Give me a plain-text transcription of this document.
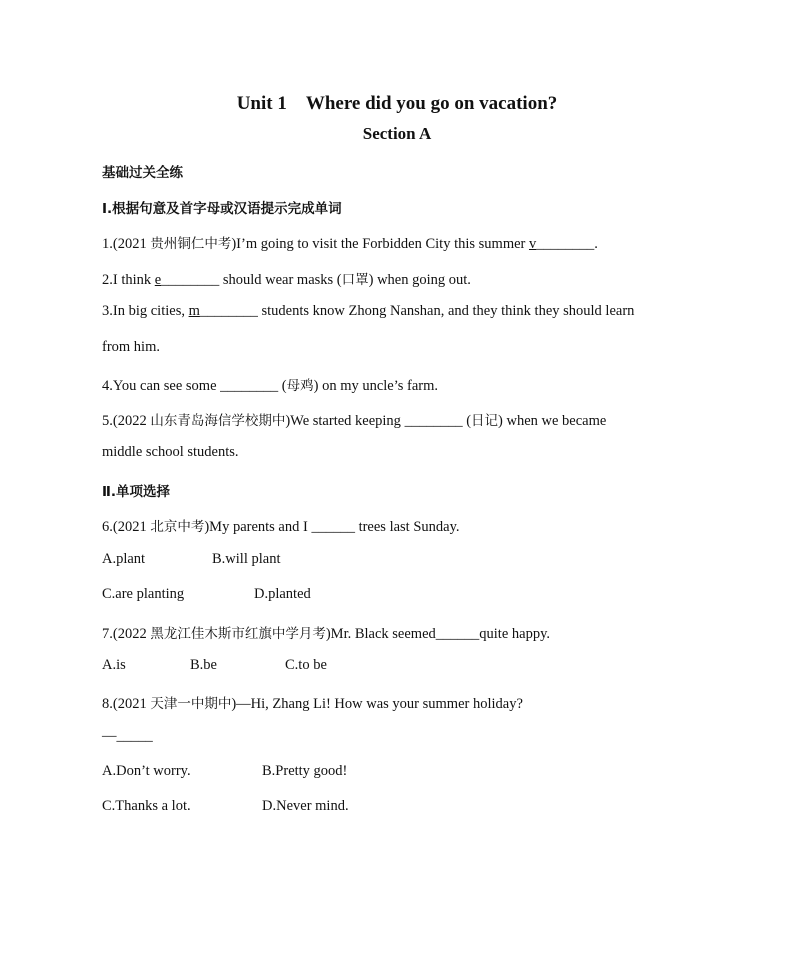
Unit 1　Where did you go on vacation?
Section A
基础过关全练
Ⅰ.根据句意及首字母或汉语提示完成单词
1.(2021 贵州铜仁中考)I’m going to visit the Forbidden City this summer v________.
2.I think e________ should wear masks (口罩) when going out.
3.In big cities, m________ students know Zhong Nanshan, and they think they should learn
from him.
4.You can see some ________ (母鸡) on my uncle’s farm.
5.(2022 山东青岛海信学校期中)We started keeping ________ (日记) when we became
middle school students.
Ⅱ.单项选择
6.(2021 北京中考)My parents and I ______ trees last Sunday.
A.plant	B.will plant
C.are planting	D.planted
7.(2022 黑龙江佳木斯市红旗中学月考)Mr. Black seemed______quite happy.
A.is	B.be	C.to be
8.(2021 天津一中期中)—Hi, Zhang Li! How was your summer holiday?
—_____
A.Don’t worry.	B.Pretty good!
C.Thanks a lot.	D.Never mind.
